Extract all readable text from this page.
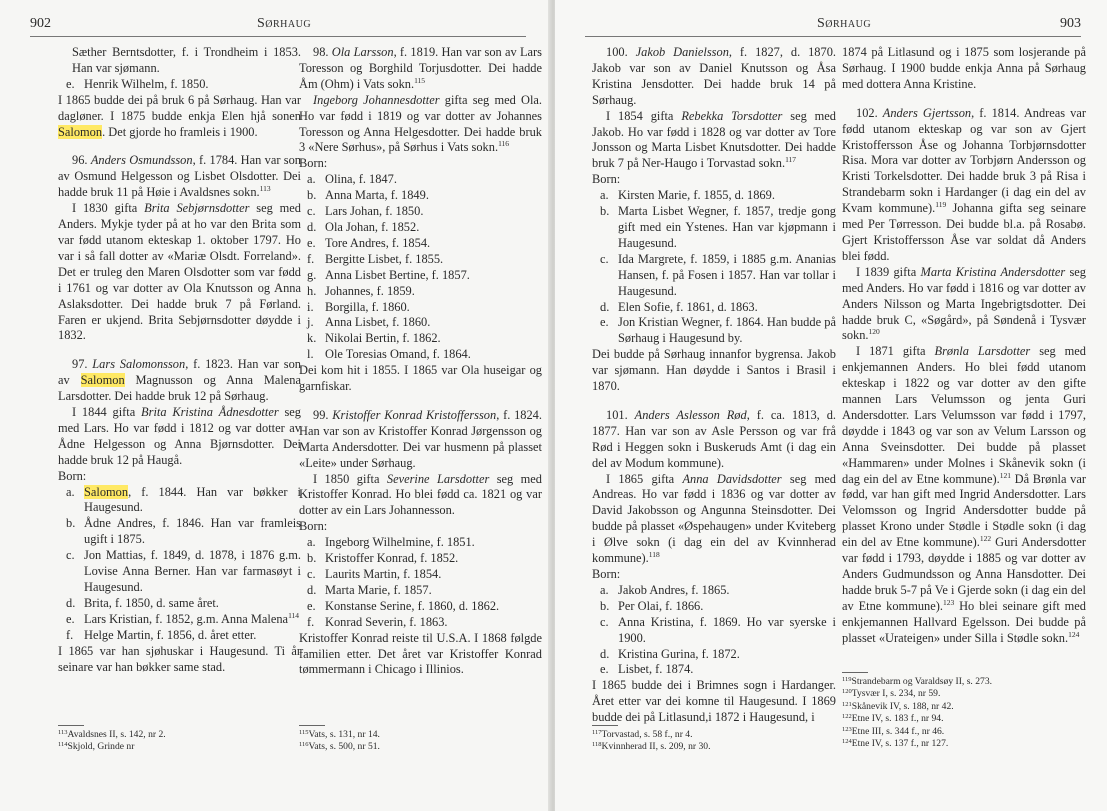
902	Sørhaug	Sørhaug	903

Sæther Berntsdotter, f. i Trondheim i 1853. Han var sjømann.

e. Henrik Wilhelm, f. 1850.

I 1865 budde dei på bruk 6 på Sørhaug. Han var dagløner. I 1875 budde enkja Elen hjå sonen Salomon. Det gjorde ho framleis i 1900.

96. Anders Osmundsson, f. 1784. Han var son av Osmund Helgesson og Lisbet Olsdotter. Dei hadde bruk 11 på Høie i Avaldsnes sokn.$^{113}$

I 1830 gifta Brita Sebjørnsdotter seg med Anders. Mykje tyder på at ho var den Brita som var fødd utanom ekteskap 1. oktober 1797. Ho var i så fall dotter av «Mariæ Olsdt. Forreland». Det er truleg den Maren Olsdotter som var fødd i 1761 og var dotter av Ola Knutsson og Anna Aslaksdotter. Dei hadde bruk 7 på Førland. Faren er ukjend. Brita Sebjørnsdotter døydde i 1832.

97. Lars Salomonsson, f. 1823. Han var son av Salomon Magnusson og Anna Malena Larsdotter. Dei hadde bruk 12 på Sørhaug.

I 1844 gifta Brita Kristina Ådnesdotter seg med Lars. Ho var fødd i 1812 og var dotter av Ådne Helgesson og Anna Bjørnsdotter. Dei hadde bruk 12 på Haugå.

Born:

a. Salomon, f. 1844. Han var bøkker i Haugesund.
b. Ådne Andres, f. 1846. Han var framleis ugift i 1875.
c. Jon Mattias, f. 1849, d. 1878, i 1876 g.m. Lovise Anna Berner. Han var farmasøyt i Haugesund.
d. Brita, f. 1850, d. same året.
e. Lars Kristian, f. 1852, g.m. Anna Malena$^{114}$
f. Helge Martin, f. 1856, d. året etter.

I 1865 var han sjøhuskar i Haugesund. Ti år seinare var han bøkker same stad.

$^{113}$Avaldsnes II, s. 142, nr 2.
$^{114}$Skjold, Grinde nr

98. Ola Larsson, f. 1819. Han var son av Lars Toresson og Borghild Torjusdotter. Dei hadde Åm (Ohm) i Vats sokn.$^{115}$

Ingeborg Johannesdotter gifta seg med Ola. Ho var fødd i 1819 og var dotter av Johannes Toresson og Anna Helgesdotter. Dei hadde bruk 3 «Nere Sørhus», på Sørhus i Vats sokn.$^{116}$

Born:

a. Olina, f. 1847.
b. Anna Marta, f. 1849.
c. Lars Johan, f. 1850.
d. Ola Johan, f. 1852.
e. Tore Andres, f. 1854.
f. Bergitte Lisbet, f. 1855.
g. Anna Lisbet Bertine, f. 1857.
h. Johannes, f. 1859.
i. Borgilla, f. 1860.
j. Anna Lisbet, f. 1860.
k. Nikolai Bertin, f. 1862.
l. Ole Toresias Omand, f. 1864.

Dei kom hit i 1855. I 1865 var Ola huseigar og garnfiskar.

99. Kristoffer Konrad Kristoffersson, f. 1824. Han var son av Kristoffer Konrad Jørgensson og Marta Andersdotter. Dei var husmenn på plasset «Leite» under Sørhaug.

I 1850 gifta Severine Larsdotter seg med Kristoffer Konrad. Ho blei fødd ca. 1821 og var dotter av ein Lars Johannesson.

Born:

a. Ingeborg Wilhelmine, f. 1851.
b. Kristoffer Konrad, f. 1852.
c. Laurits Martin, f. 1854.
d. Marta Marie, f. 1857.
e. Konstanse Serine, f. 1860, d. 1862.
f. Konrad Severin, f. 1863.

Kristoffer Konrad reiste til U.S.A. I 1868 følgde familien etter. Det året var Kristoffer Konrad tømmermann i Chicago i Illinios.

$^{115}$Vats, s. 131, nr 14.
$^{116}$Vats, s. 500, nr 51.

100. Jakob Danielsson, f. 1827, d. 1870. Jakob var son av Daniel Knutsson og Åsa Kristina Jensdotter. Dei hadde bruk 14 på Sørhaug.

I 1854 gifta Rebekka Torsdotter seg med Jakob. Ho var fødd i 1828 og var dotter av Tore Jonsson og Marta Lisbet Knutsdotter. Dei hadde bruk 7 på Ner-Haugo i Torvastad sokn.$^{117}$

Born:

a. Kirsten Marie, f. 1855, d. 1869.
b. Marta Lisbet Wegner, f. 1857, tredje gong gift med ein Ystenes. Han var kjøpmann i Haugesund.
c. Ida Margrete, f. 1859, i 1885 g.m. Ananias Hansen, f. på Fosen i 1857. Han var tollar i Haugesund.
d. Elen Sofie, f. 1861, d. 1863.
e. Jon Kristian Wegner, f. 1864. Han budde på Sørhaug i Haugesund by.

Dei budde på Sørhaug innanfor bygrensa. Jakob var sjømann. Han døydde i Santos i Brasil i 1870.

101. Anders Aslesson Rød, f. ca. 1813, d. 1877. Han var son av Asle Persson og var frå Rød i Heggen sokn i Buskeruds Amt (i dag ein del av Modum kommune).

I 1865 gifta Anna Davidsdotter seg med Andreas. Ho var fødd i 1836 og var dotter av David Jakobsson og Angunna Steinsdotter. Dei budde på plasset «Øspehaugen» under Kviteberg i Ølve sokn (i dag ein del av Kvinnherad kommune).$^{118}$

Born:

a. Jakob Andres, f. 1865.
b. Per Olai, f. 1866.
c. Anna Kristina, f. 1869. Ho var syerske i 1900.
d. Kristina Gurina, f. 1872.
e. Lisbet, f. 1874.

I 1865 budde dei i Brimnes sogn i Hardanger. Året etter var dei komne til Haugesund. I 1869 budde dei på Litlasund,i 1872 i Haugesund, i

$^{117}$Torvastad, s. 58 f., nr 4.
$^{118}$Kvinnherad II, s. 209, nr 30.

1874 på Litlasund og i 1875 som losjerande på Sørhaug. I 1900 budde enkja Anna på Sørhaug med dottera Anna Kristine.

102. Anders Gjertsson, f. 1814. Andreas var fødd utanom ekteskap og var son av Gjert Kristoffersson Åse og Johanna Torbjørnsdotter Risa. Mora var dotter av Torbjørn Andersson og Kristi Torkelsdotter. Dei hadde bruk 3 på Risa i Strandebarm sokn i Hardanger (i dag ein del av Kvam kommune).$^{119}$ Johanna gifta seg seinare med Per Tørresson. Dei budde bl.a. på Rosabø. Gjert Kristoffersson Åse var soldat då Anders blei fødd.

I 1839 gifta Marta Kristina Andersdotter seg med Anders. Ho var fødd i 1816 og var dotter av Anders Nilsson og Marta Ingebrigtsdotter. Dei hadde bruk C, «Søgård», på Søndenå i Tysvær sokn.$^{120}$

I 1871 gifta Brønla Larsdotter seg med enkjemannen Anders. Ho blei fødd utanom ekteskap i 1822 og var dotter av den gifte mannen Lars Velumsson og jenta Guri Andersdotter. Lars Velumsson var fødd i 1797, døydde i 1843 og var son av Velum Larsson og Anna Sveinsdotter. Dei budde på plasset «Hammaren» under Molnes i Skånevik sokn (i dag ein del av Etne kommune).$^{121}$ Då Brønla var fødd, var han gift med Ingrid Andersdotter. Lars Velomsson og Ingrid Andersdotter budde på plasset Krono under Stødle i Stødle sokn (i dag ein del av Etne kommune).$^{122}$ Guri Andersdotter var fødd i 1793, døydde i 1885 og var dotter av Anders Gudmundsson og Anna Hansdotter. Dei hadde bruk 5-7 på Ve i Gjerde sokn (i dag ein del av Etne kommune).$^{123}$ Ho blei seinare gift med enkjemannen Hallvard Egelsson. Dei budde på plasset «Urateigen» under Silla i Stødle sokn.$^{124}$

$^{119}$Strandebarm og Varaldsøy II, s. 273.
$^{120}$Tysvær I, s. 234, nr 59.
$^{121}$Skånevik IV, s. 188, nr 42.
$^{122}$Etne IV, s. 183 f., nr 94.
$^{123}$Etne III, s. 344 f., nr 46.
$^{124}$Etne IV, s. 137 f., nr 127.
